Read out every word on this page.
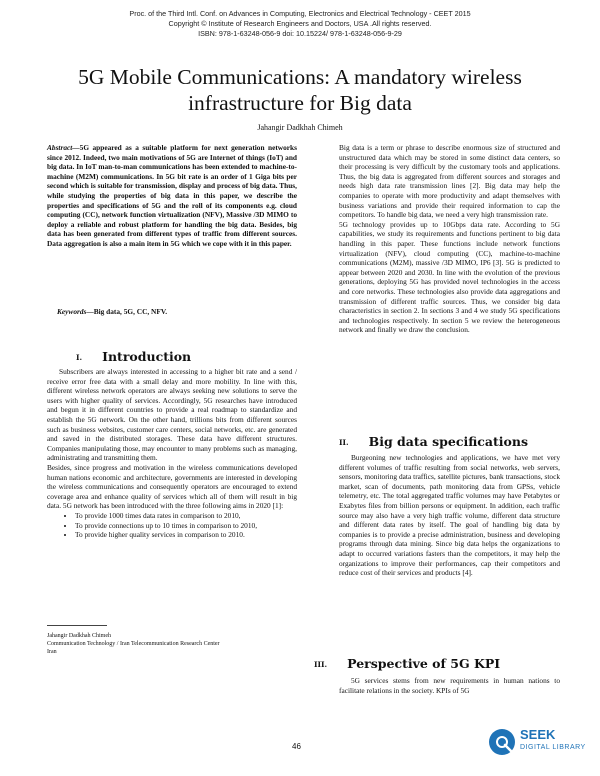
Proc. of the Third Intl. Conf. on Advances in Computing, Electronics and Electrical Technology - CEET 2015
Copyright © Institute of Research Engineers and Doctors, USA .All rights reserved.
ISBN: 978-1-63248-056-9 doi: 10.15224/ 978-1-63248-056-9-29
5G Mobile Communications: A mandatory wireless
infrastructure for Big data
Jahangir Dadkhah Chimeh
Abstract—5G appeared as a suitable platform for next generation networks since 2012. Indeed, two main motivations of 5G are Internet of things (IoT) and big data. In IoT man-to-man communications has been extended to machine-to-machine (M2M) communications. In 5G bit rate is an order of 1 Giga bits per second which is suitable for transmission, display and process of big data. Thus, while studying the properties of big data in this paper, we describe the properties and specifications of 5G and the roll of its components e.g. cloud computing (CC), network function virtualization (NFV), Massive /3D MIMO to deploy a reliable and robust platform for handling the big data. Besides, big data has been generated from different types of traffic from different sources. Data aggregation is also a main item in 5G which we cope with it in this paper.
Keywords—Big data, 5G, CC, NFV.
I. Introduction

Subscribers are always interested in accessing to a higher bit rate and a send / receive error free data with a small delay and more mobility. In line with this, different wireless network operators are always seeking new solutions to serve the users with higher quality of services. Accordingly, 5G researches have introduced and begun it in different countries to provide a real roadmap to standardize and establish the 5G network. On the other hand, trillions bits from different sources such as business websites, customer care centers, social networks, etc. are generated and saved in the distributed storages. These data have different structures. Companies manipulating those, may encounter to many problems such as managing, administrating and transmitting them.

Besides, since progress and motivation in the wireless communications developed human nations economic and architecture, governments are interested in developing the wireless communications and consequently operators are encouraged to extend coverage area and enhance quality of services which all of them will result in big data. 5G network has been introduced with the three following aims in 2020 [1]:

• To provide 1000 times data rates in comparison to 2010,
• To provide connections up to 10 times in comparison to 2010,
• To provide higher quality services in comparison to 2010.
Jahangir Dadkhah Chimeh
Communication Technology / Iran Telecommunication Research Center
Iran

Big data is a term or phrase to describe enormous size of structured and unstructured data which may be stored in some distinct data centers, so their processing is very difficult by the customary tools and applications. Thus, the big data is aggregated from different sources and storages and needs high data rate transmission lines [2]. Big data may help the companies to operate with more productivity and adapt themselves with business variations and provide their required information to cap the competitors. To handle big data, we need a very high transmission rate.

5G technology provides up to 10Gbps data rate. According to 5G capabilities, we study its requirements and functions pertinent to big data handling in this paper. These functions include network functions virtualization (NFV), cloud computing (CC), machine-to-machine communications (M2M), massive /3D MIMO, IP6 [3]. 5G is predicted to appear between 2020 and 2030. In line with the evolution of the previous generations, deploying 5G has provided novel technologies in the access and core networks. These technologies also provide data aggregations and transmission of different traffic sources. Thus, we consider big data characteristics in section 2. In sections 3 and 4 we study 5G specifications and technologies respectively. In section 5 we review the heterogeneous network and finally we draw the conclusion.

II. Big data specifications

Burgeoning new technologies and applications, we have met very different volumes of traffic resulting from social networks, web servers, sensors, monitoring data traffics, satellite pictures, bank transactions, stock market, scan of documents, path monitoring data from GPSs, vehicle telemetry, etc. The total aggregated traffic volumes may have Petabytes or Exabytes files from billion persons or equipment. In addition, each traffic source may also have a very high traffic volume, different data structure and different data rates by itself. The goal of handling big data by companies is to provide a precise administration, business and developing programs through data mining. Since big data helps the organizations to adapt to occurred variations fasters than the competitors, it may help the organizations to improve their performances, cap their competitors and reduce cost of their services and products [4].

III. Perspective of 5G KPI

5G services stems from new requirements in human nations to facilitate relations in the society. KPIs of 5G

46
SEEK
DIGITAL LIBRARY
